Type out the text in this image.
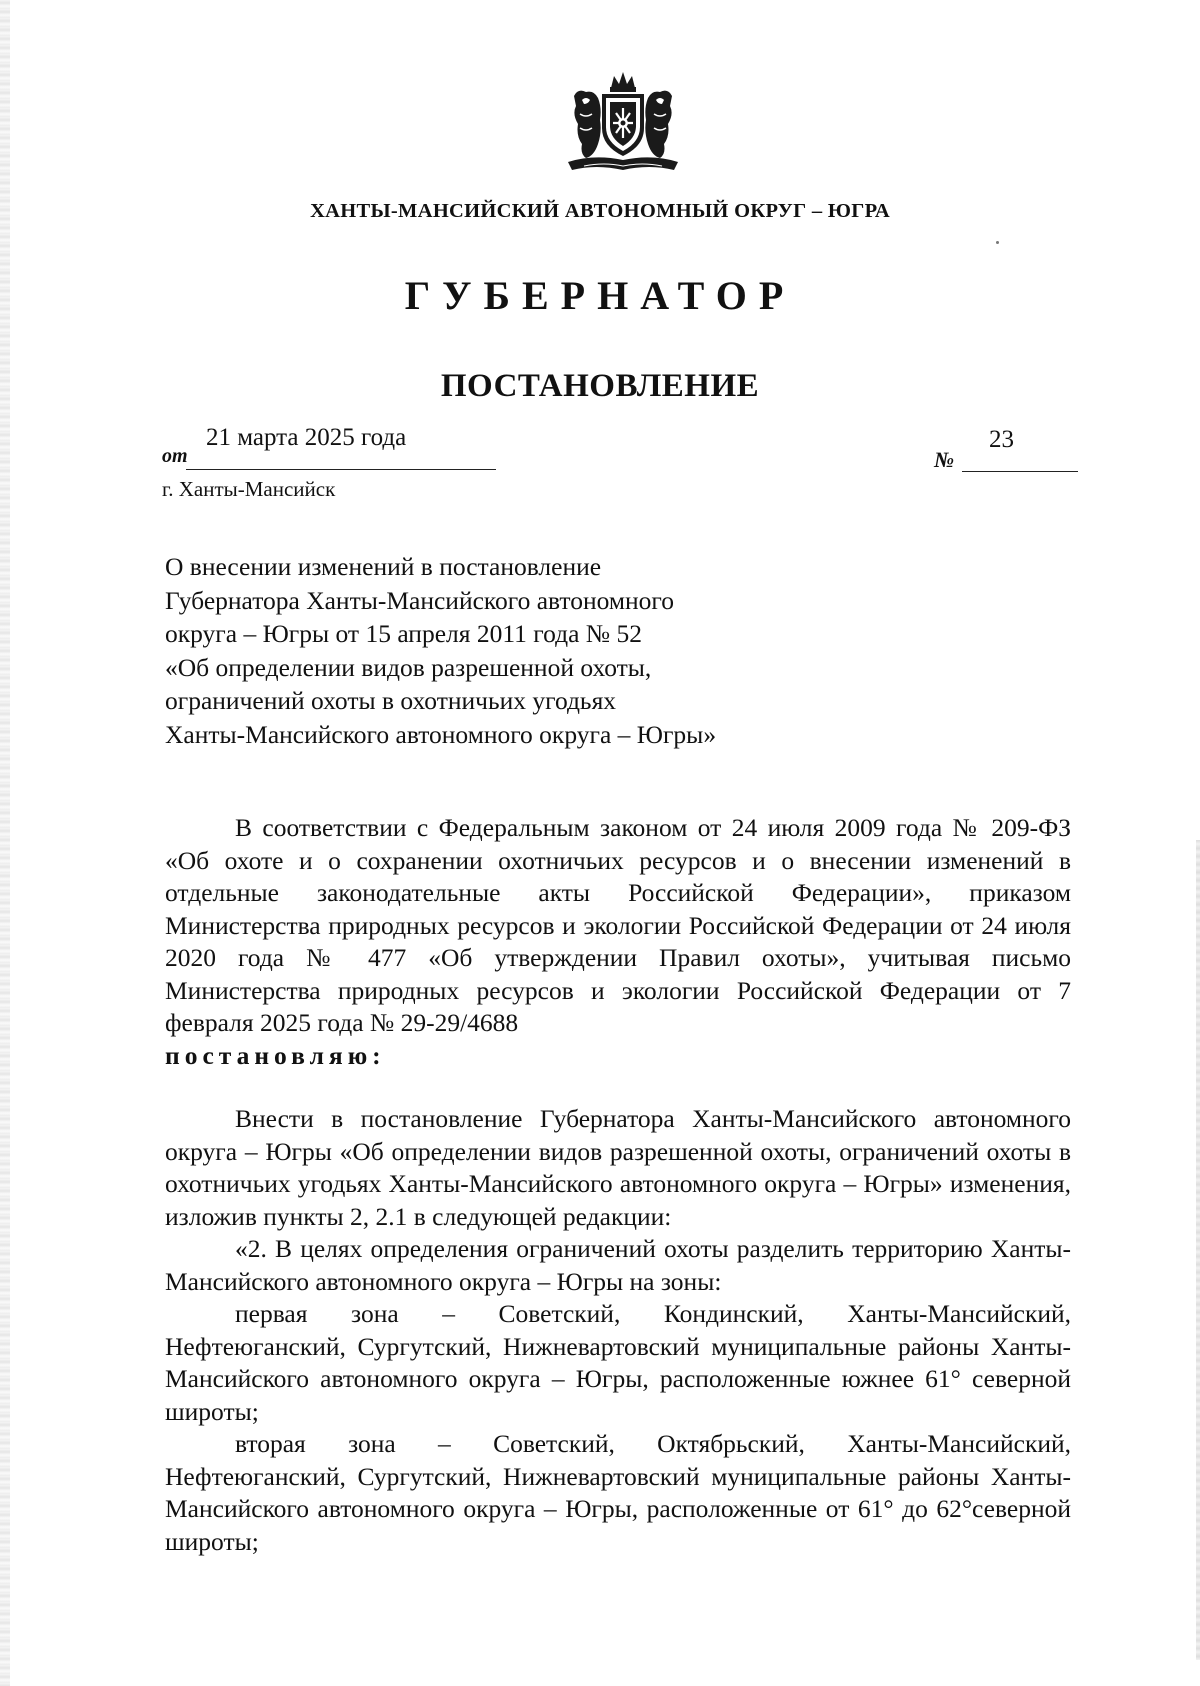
ХАНТЫ-МАНСИЙСКИЙ АВТОНОМНЫЙ ОКРУГ – ЮГРА
ГУБЕРНАТОР
ПОСТАНОВЛЕНИЕ
от
21 марта 2025 года
№
23
г. Ханты-Мансийск
О внесении изменений в постановление
Губернатора Ханты-Мансийского автономного
округа – Югры от 15 апреля 2011 года № 52
«Об определении видов разрешенной охоты,
ограничений охоты в охотничьих угодьях
Ханты-Мансийского автономного округа – Югры»

В соответствии с Федеральным законом от 24 июля 2009 года № 209-ФЗ «Об охоте и о сохранении охотничьих ресурсов и о внесении изменений в отдельные законодательные акты Российской Федерации», приказом Министерства природных ресурсов и экологии Российской Федерации от 24 июля 2020 года № 477 «Об утверждении Правил охоты», учитывая письмо Министерства природных ресурсов и экологии Российской Федерации от 7 февраля 2025 года № 29-29/4688

постановляю:

Внести в постановление Губернатора Ханты-Мансийского автономного округа – Югры «Об определении видов разрешенной охоты, ограничений охоты в охотничьих угодьях Ханты-Мансийского автономного округа – Югры» изменения, изложив пункты 2, 2.1 в следующей редакции:

«2. В целях определения ограничений охоты разделить территорию Ханты-Мансийского автономного округа – Югры на зоны:

первая зона – Советский, Кондинский, Ханты-Мансийский, Нефтеюганский, Сургутский, Нижневартовский муниципальные районы Ханты-Мансийского автономного округа – Югры, расположенные южнее 61° северной широты;

вторая зона – Советский, Октябрьский, Ханты-Мансийский, Нефтеюганский, Сургутский, Нижневартовский муниципальные районы Ханты-Мансийского автономного округа – Югры, расположенные от 61° до 62°северной широты;
